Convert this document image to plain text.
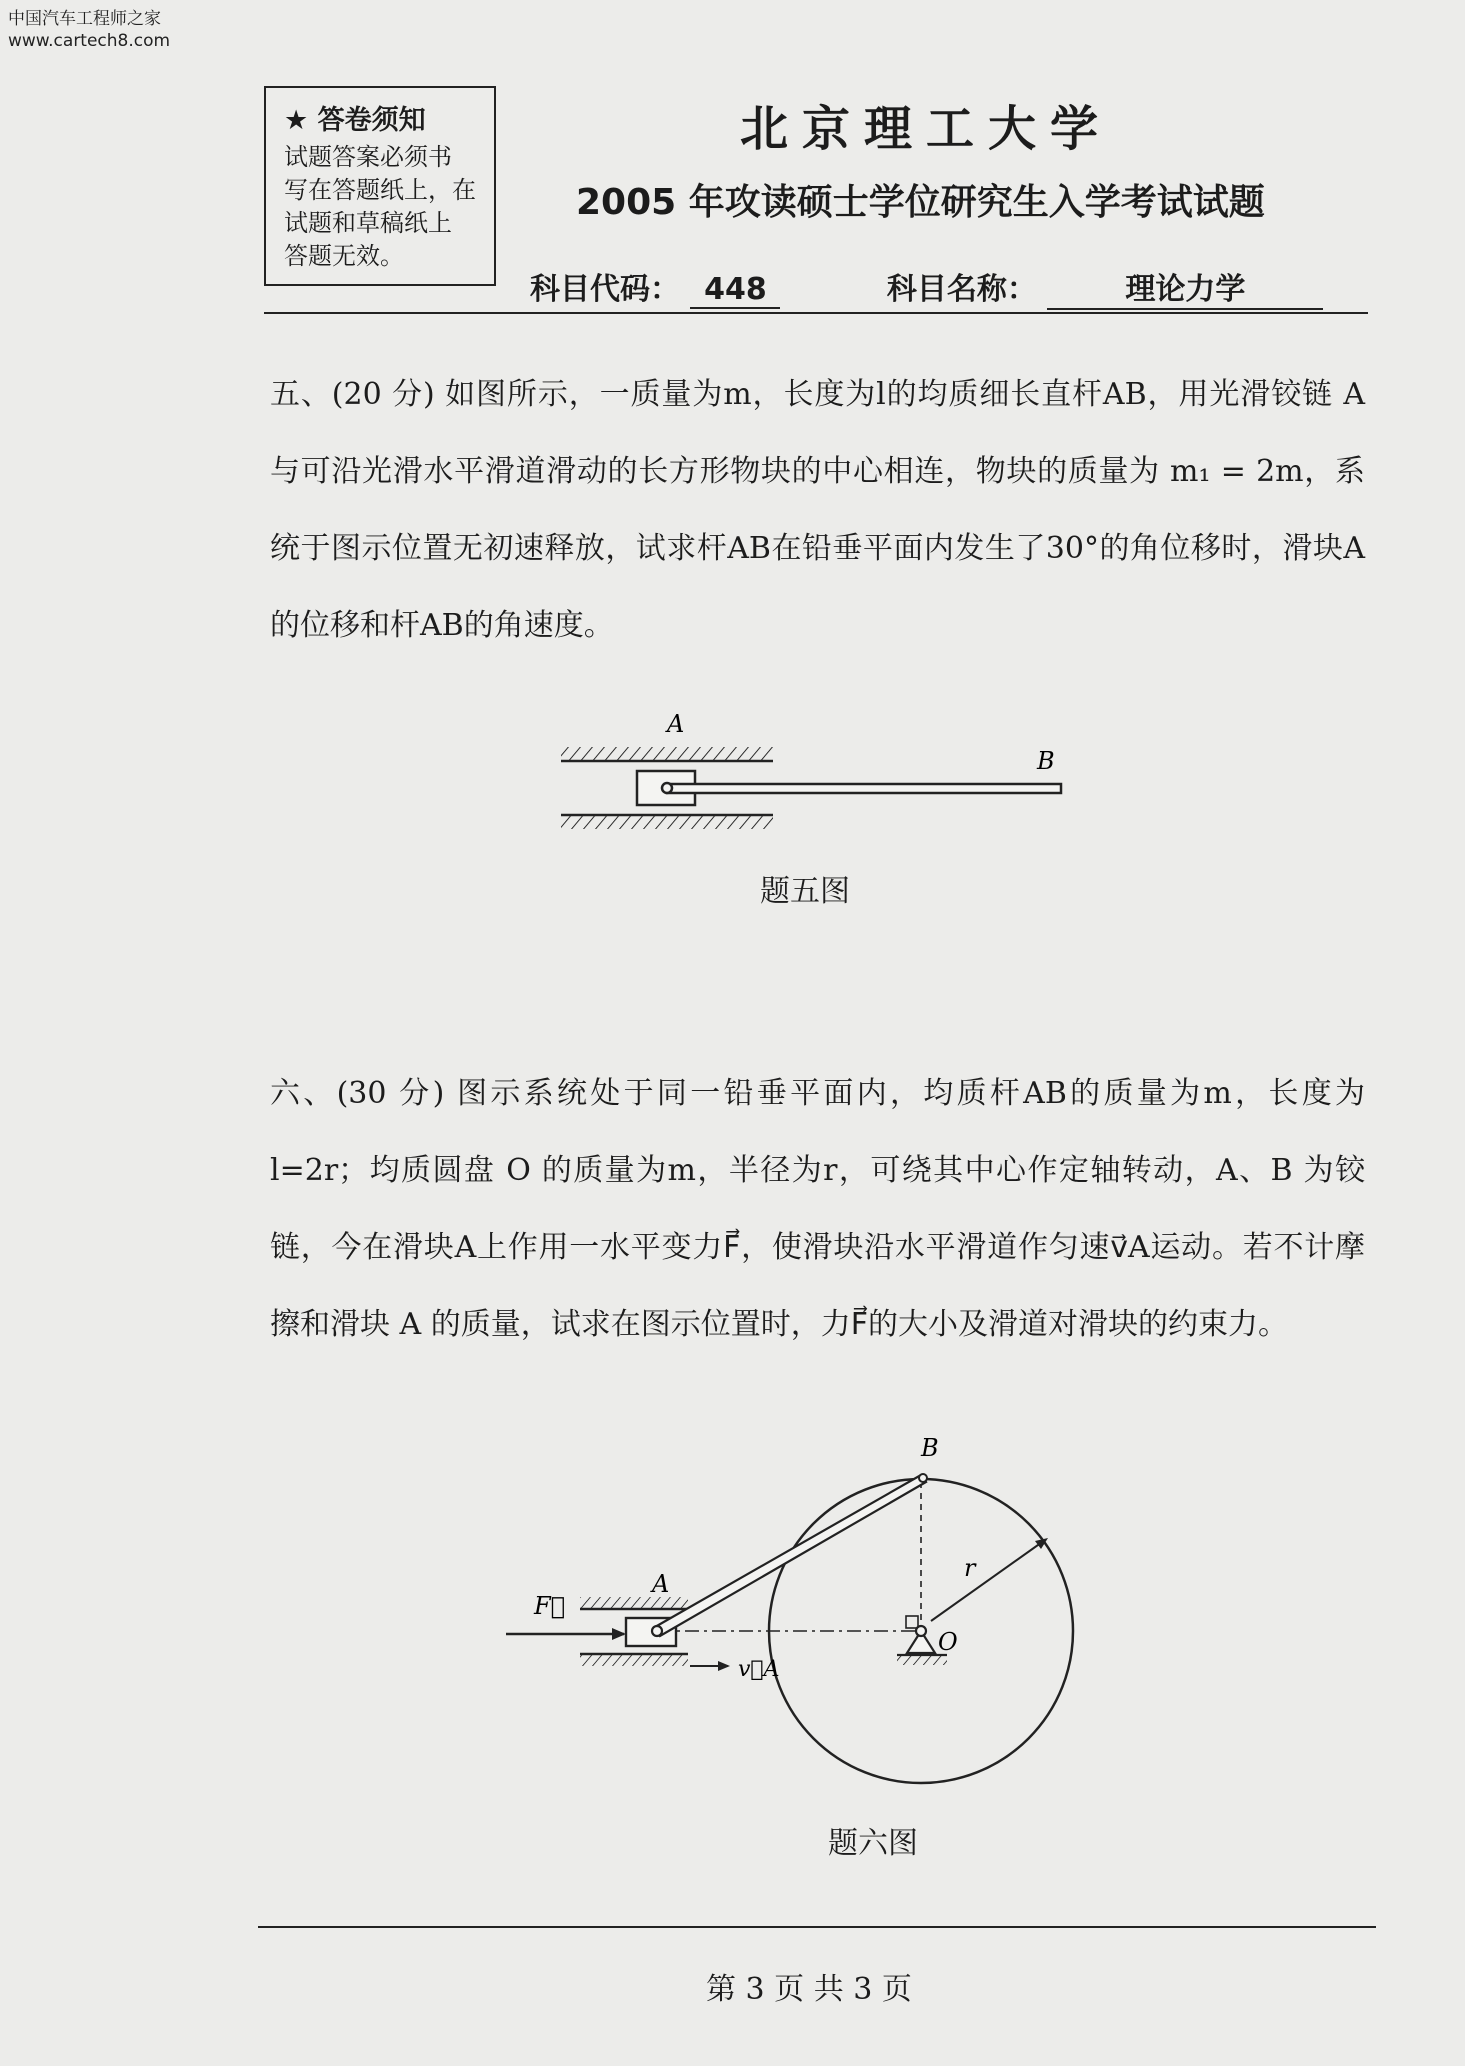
中国汽车工程师之家
www.cartech8.com
★ 答卷须知
试题答案必须书
写在答题纸上，在
试题和草稿纸上
答题无效。
北京理工大学
2005 年攻读硕士学位研究生入学考试试题
科目代码： 448	科目名称：	理论力学
五、(20 分) 如图所示，一质量为m，长度为l的均质细长直杆AB，用光滑铰链 A 与可沿光滑水平滑道滑动的长方形物块的中心相连，物块的质量为 m₁ = 2m，系统于图示位置无初速释放，试求杆AB在铅垂平面内发生了30°的角位移时，滑块A的位移和杆AB的角速度。
A
B
题五图
六、(30 分) 图示系统处于同一铅垂平面内，均质杆AB的质量为m，长度为 l=2r；均质圆盘 O 的质量为m，半径为r，可绕其中心作定轴转动，A、B 为铰链，今在滑块A上作用一水平变力F⃗，使滑块沿水平滑道作匀速v⃗A运动。若不计摩擦和滑块 A 的质量，试求在图示位置时，力F⃗的大小及滑道对滑块的约束力。
B
A
F⃗
r
O
v⃗A
题六图
第 3 页 共 3 页
